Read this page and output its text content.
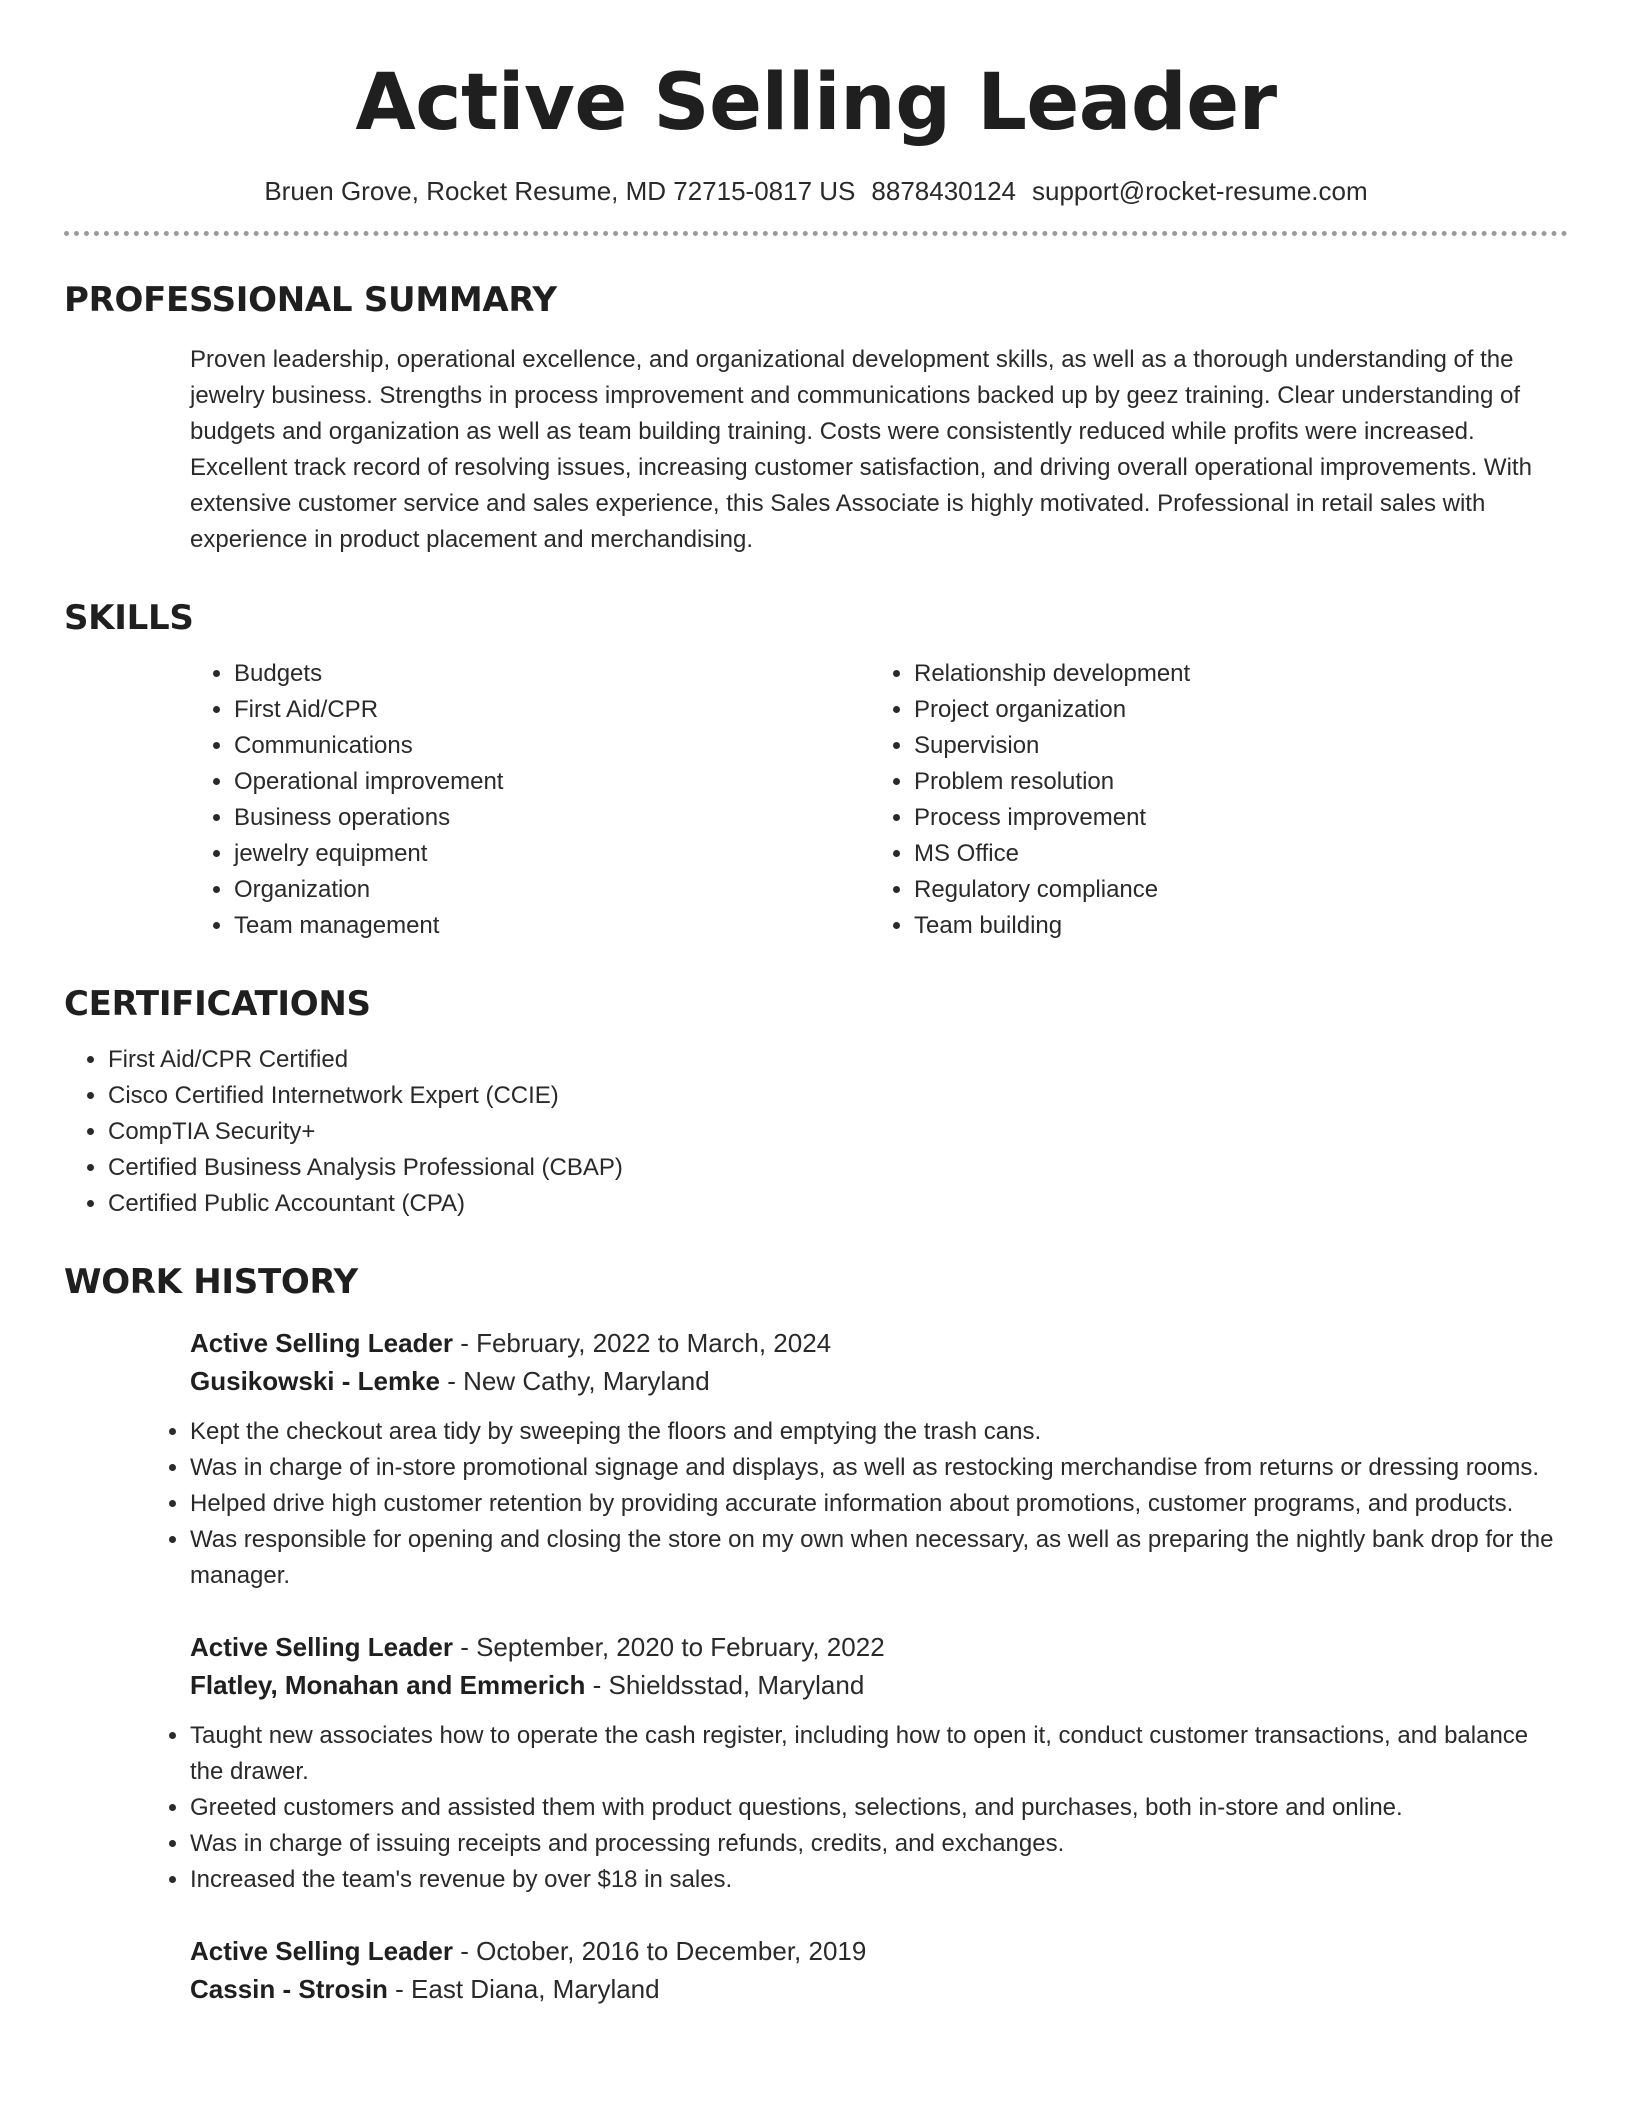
Active Selling Leader
Bruen Grove, Rocket Resume, MD 72715-0817 US 8878430124 support@rocket-resume.com
PROFESSIONAL SUMMARY
Proven leadership, operational excellence, and organizational development skills, as well as a thorough understanding of the jewelry business. Strengths in process improvement and communications backed up by geez training. Clear understanding of budgets and organization as well as team building training. Costs were consistently reduced while profits were increased. Excellent track record of resolving issues, increasing customer satisfaction, and driving overall operational improvements. With extensive customer service and sales experience, this Sales Associate is highly motivated. Professional in retail sales with experience in product placement and merchandising.
SKILLS
• Budgets
• First Aid/CPR
• Communications
• Operational improvement
• Business operations
• jewelry equipment
• Organization
• Team management
• Relationship development
• Project organization
• Supervision
• Problem resolution
• Process improvement
• MS Office
• Regulatory compliance
• Team building
CERTIFICATIONS
• First Aid/CPR Certified
• Cisco Certified Internetwork Expert (CCIE)
• CompTIA Security+
• Certified Business Analysis Professional (CBAP)
• Certified Public Accountant (CPA)
WORK HISTORY
Active Selling Leader - February, 2022 to March, 2024
Gusikowski - Lemke - New Cathy, Maryland
• Kept the checkout area tidy by sweeping the floors and emptying the trash cans.
• Was in charge of in-store promotional signage and displays, as well as restocking merchandise from returns or dressing rooms.
• Helped drive high customer retention by providing accurate information about promotions, customer programs, and products.
• Was responsible for opening and closing the store on my own when necessary, as well as preparing the nightly bank drop for the manager.
Active Selling Leader - September, 2020 to February, 2022
Flatley, Monahan and Emmerich - Shieldsstad, Maryland
• Taught new associates how to operate the cash register, including how to open it, conduct customer transactions, and balance the drawer.
• Greeted customers and assisted them with product questions, selections, and purchases, both in-store and online.
• Was in charge of issuing receipts and processing refunds, credits, and exchanges.
• Increased the team's revenue by over $18 in sales.
Active Selling Leader - October, 2016 to December, 2019
Cassin - Strosin - East Diana, Maryland
